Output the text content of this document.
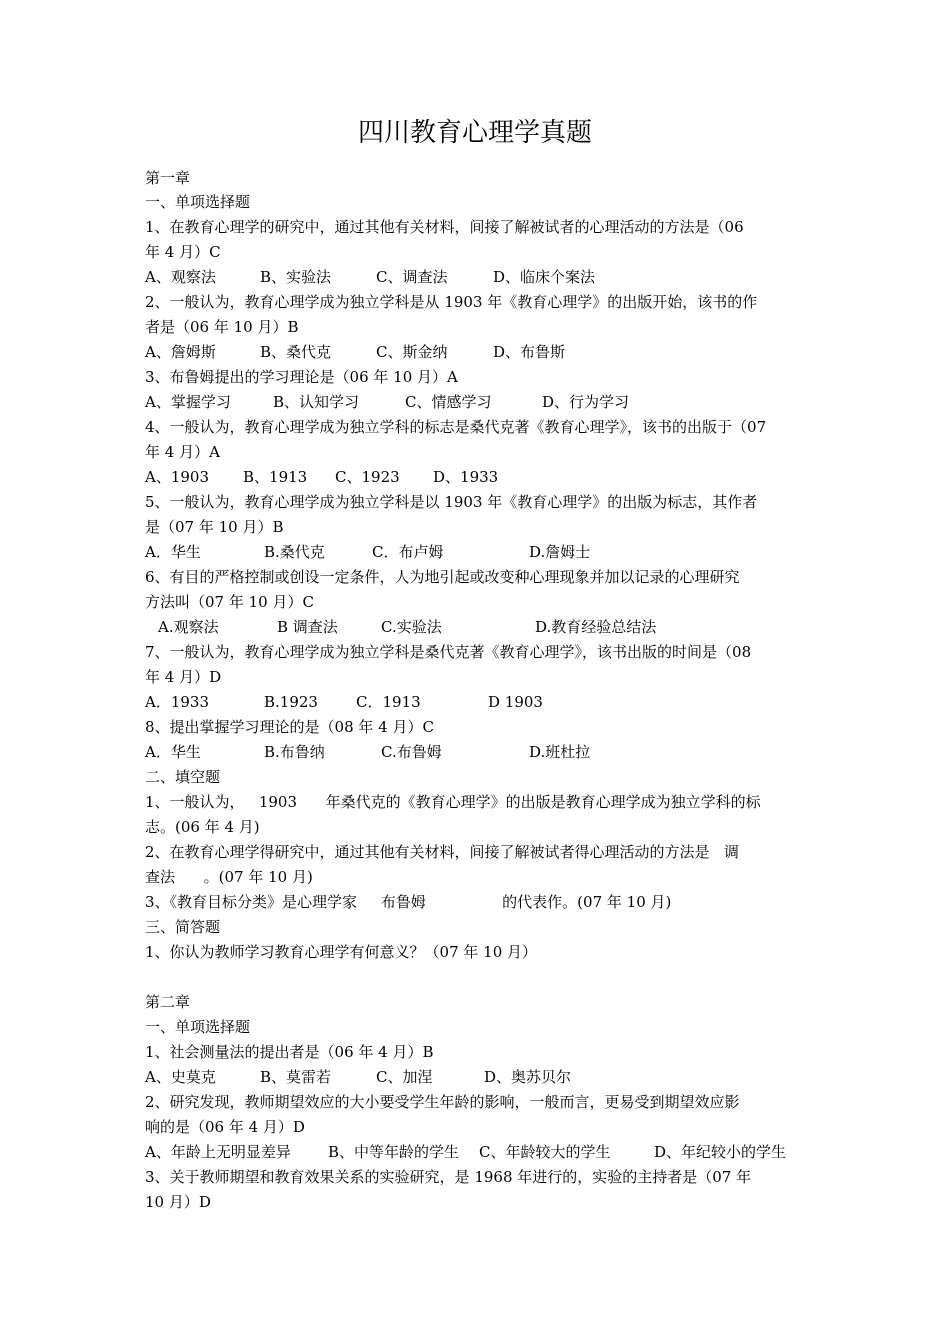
四川教育心理学真题
第一章
一、单项选择题
1、在教育心理学的研究中，通过其他有关材料，间接了解被试者的心理活动的方法是（06
年 4 月）C
A、观察法	B、实验法	C、调查法	D、临床个案法
2、一般认为，教育心理学成为独立学科是从 1903 年《教育心理学》的出版开始，该书的作
者是（06 年 10 月）B
A、詹姆斯	B、桑代克	C、斯金纳	D、布鲁斯
3、布鲁姆提出的学习理论是（06 年 10 月）A
A、掌握学习	B、认知学习	C、情感学习	D、行为学习
4、一般认为，教育心理学成为独立学科的标志是桑代克著《教育心理学》，该书的出版于（07
年 4 月）A
A、1903 B、1913 C、1923 D、1933
5、一般认为，教育心理学成为独立学科是以 1903 年《教育心理学》的出版为标志，其作者
是（07 年 10 月）B
A．华生	B.桑代克	C．布卢姆	D.詹姆士
6、有目的严格控制或创设一定条件，人为地引起或改变种心理现象并加以记录的心理研究
方法叫（07 年 10 月）C
A.观察法	B 调查法	C.实验法	D.教育经验总结法
7、一般认为，教育心理学成为独立学科是桑代克著《教育心理学》，该书出版的时间是（08
年 4 月）D
A．1933	B.1923	C．1913	D 1903
8、提出掌握学习理论的是（08 年 4 月）C
A．华生	B.布鲁纳	C.布鲁姆	D.班杜拉
二、填空题
1、一般认为，   1903      年桑代克的《教育心理学》的出版是教育心理学成为独立学科的标
志。(06 年 4 月)
2、在教育心理学得研究中，通过其他有关材料，间接了解被试者得心理活动的方法是   调
查法      。(07 年 10 月)
3、《教育目标分类》是心理学家     布鲁姆                的代表作。(07 年 10 月)
三、简答题
1、你认为教师学习教育心理学有何意义？（07 年 10 月）
第二章
一、单项选择题
1、社会测量法的提出者是（06 年 4 月）B
A、史莫克	B、莫雷若	C、加涅	D、奥苏贝尔
2、研究发现，教师期望效应的大小要受学生年龄的影响，一般而言，更易受到期望效应影
响的是（06 年 4 月）D
A、年龄上无明显差异 B、中等年龄的学生 C、年龄较大的学生	D、年纪较小的学生
3、关于教师期望和教育效果关系的实验研究，是 1968 年进行的，实验的主持者是（07 年
10 月）D
